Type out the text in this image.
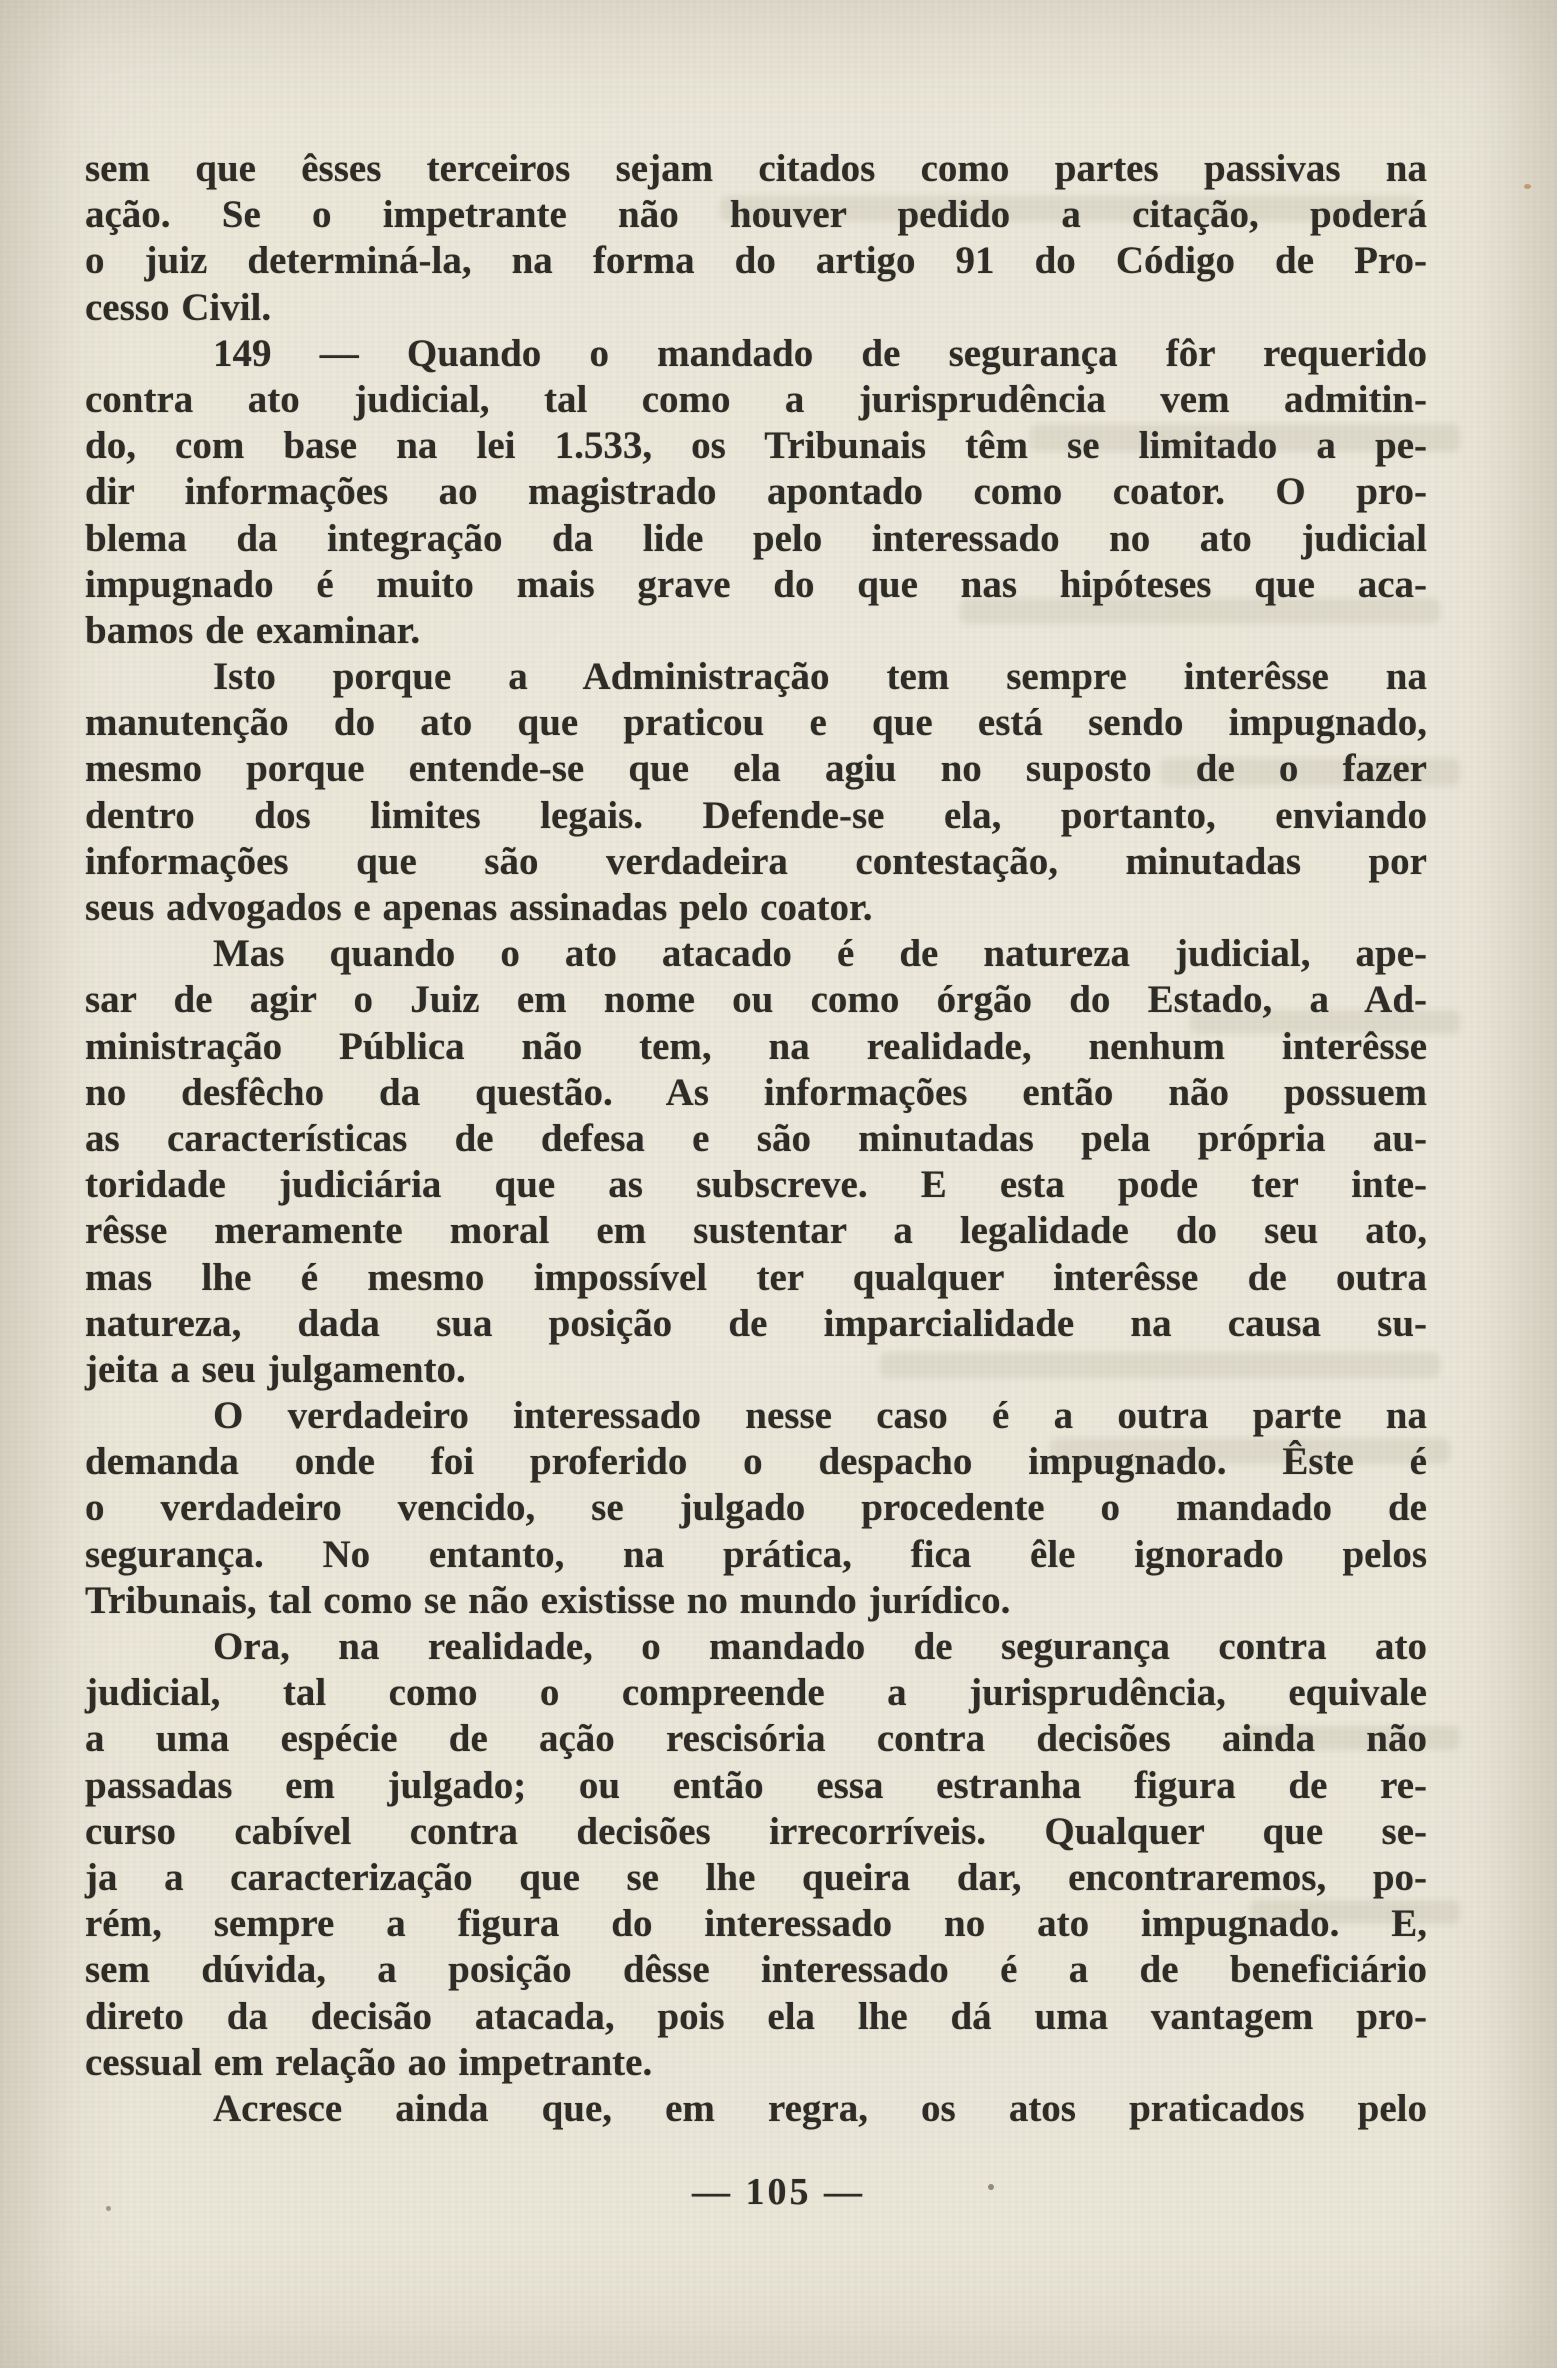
sem que êsses terceiros sejam citados como partes passivas na
ação. Se o impetrante não houver pedido a citação, poderá
o juiz determiná-la, na forma do artigo 91 do Código de Pro-
cesso Civil.
149 — Quando o mandado de segurança fôr requerido
contra ato judicial, tal como a jurisprudência vem admitin-
do, com base na lei 1.533, os Tribunais têm se limitado a pe-
dir informações ao magistrado apontado como coator. O pro-
blema da integração da lide pelo interessado no ato judicial
impugnado é muito mais grave do que nas hipóteses que aca-
bamos de examinar.
Isto porque a Administração tem sempre interêsse na
manutenção do ato que praticou e que está sendo impugnado,
mesmo porque entende-se que ela agiu no suposto de o fazer
dentro dos limites legais. Defende-se ela, portanto, enviando
informações que são verdadeira contestação, minutadas por
seus advogados e apenas assinadas pelo coator.
Mas quando o ato atacado é de natureza judicial, ape-
sar de agir o Juiz em nome ou como órgão do Estado, a Ad-
ministração Pública não tem, na realidade, nenhum interêsse
no desfêcho da questão. As informações então não possuem
as características de defesa e são minutadas pela própria au-
toridade judiciária que as subscreve. E esta pode ter inte-
rêsse meramente moral em sustentar a legalidade do seu ato,
mas lhe é mesmo impossível ter qualquer interêsse de outra
natureza, dada sua posição de imparcialidade na causa su-
jeita a seu julgamento.
O verdadeiro interessado nesse caso é a outra parte na
demanda onde foi proferido o despacho impugnado. Êste é
o verdadeiro vencido, se julgado procedente o mandado de
segurança. No entanto, na prática, fica êle ignorado pelos
Tribunais, tal como se não existisse no mundo jurídico.
Ora, na realidade, o mandado de segurança contra ato
judicial, tal como o compreende a jurisprudência, equivale
a uma espécie de ação rescisória contra decisões ainda não
passadas em julgado; ou então essa estranha figura de re-
curso cabível contra decisões irrecorríveis. Qualquer que se-
ja a caracterização que se lhe queira dar, encontraremos, po-
rém, sempre a figura do interessado no ato impugnado. E,
sem dúvida, a posição dêsse interessado é a de beneficiário
direto da decisão atacada, pois ela lhe dá uma vantagem pro-
cessual em relação ao impetrante.
Acresce ainda que, em regra, os atos praticados pelo
— 105 —
